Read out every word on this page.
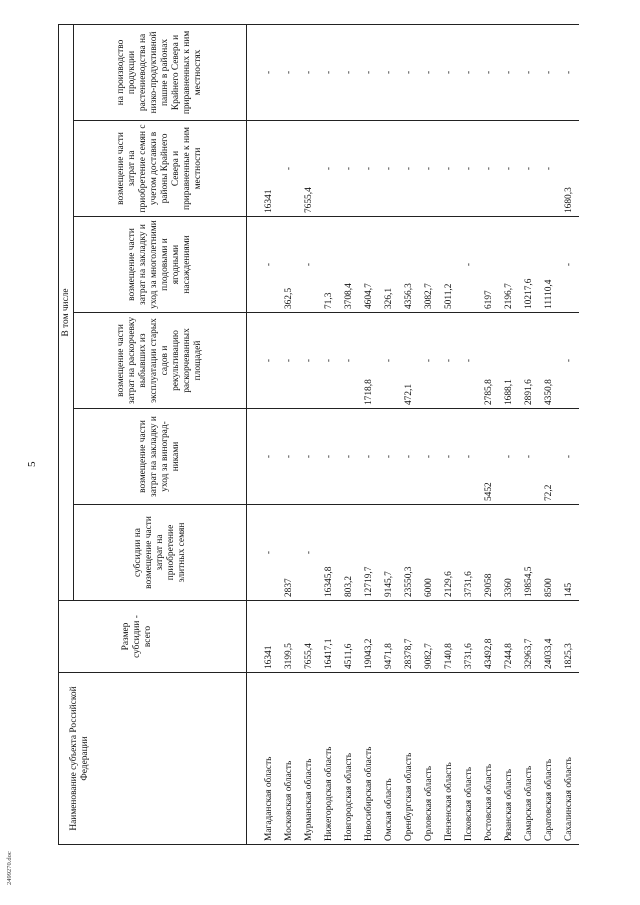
5
2499270.doc
Наименование субъекта Российской Федерации	Размер субсидии - всего	В том числе					
		субсидии на возмещение части затрат на приобретение элитных семян	возмещение части затрат на закладку и уход за виноград-никами	возмещение части затрат на раскорчевку выбывших из эксплуатации старых садов и рекультивацию раскорчеванных площадей	возмещение части затрат на закладку и уход за многолетними плодовыми и ягодными насаждениями	возмещение части затрат на приобретение семян с учетом доставки в районы Крайнего Севера и приравненные к ним местности	на производство продукции растениеводства на низко-продуктивной пашне в районах Крайнего Севера и приравненных к ним местностях
Магаданская область	16341	-	-	-	-	16341	-
Московская область	3199,5	2837	-	-	362,5	-	-
Мурманская область	7655,4	-	-	-	-	7655,4	-
Нижегородская область	16417,1	16345,8	-	-	71,3	-	-
Новгородская область	4511,6	803,2	-	-	3708,4	-	-
Новосибирская область	19043,2	12719,7	-	1718,8	4604,7	-	-
Омская область	9471,8	9145,7	-	-	326,1	-	-
Оренбургская область	28378,7	23550,3	-	472,1	4356,3	-	-
Орловская область	9082,7	6000	-	-	3082,7	-	-
Пензенская область	7140,8	2129,6	-	-	5011,2	-	-
Псковская область	3731,6	3731,6	-	-	-	-	-
Ростовская область	43492,8	29058	5452	2785,8	6197	-	-
Рязанская область	7244,8	3360	-	1688,1	2196,7	-	-
Самарская область	32963,7	19854,5	-	2891,6	10217,6	-	-
Саратовская область	24033,4	8500	72,2	4350,8	11110,4	-	-
Сахалинская область	1825,3	145	-	-	-	1680,3	-
